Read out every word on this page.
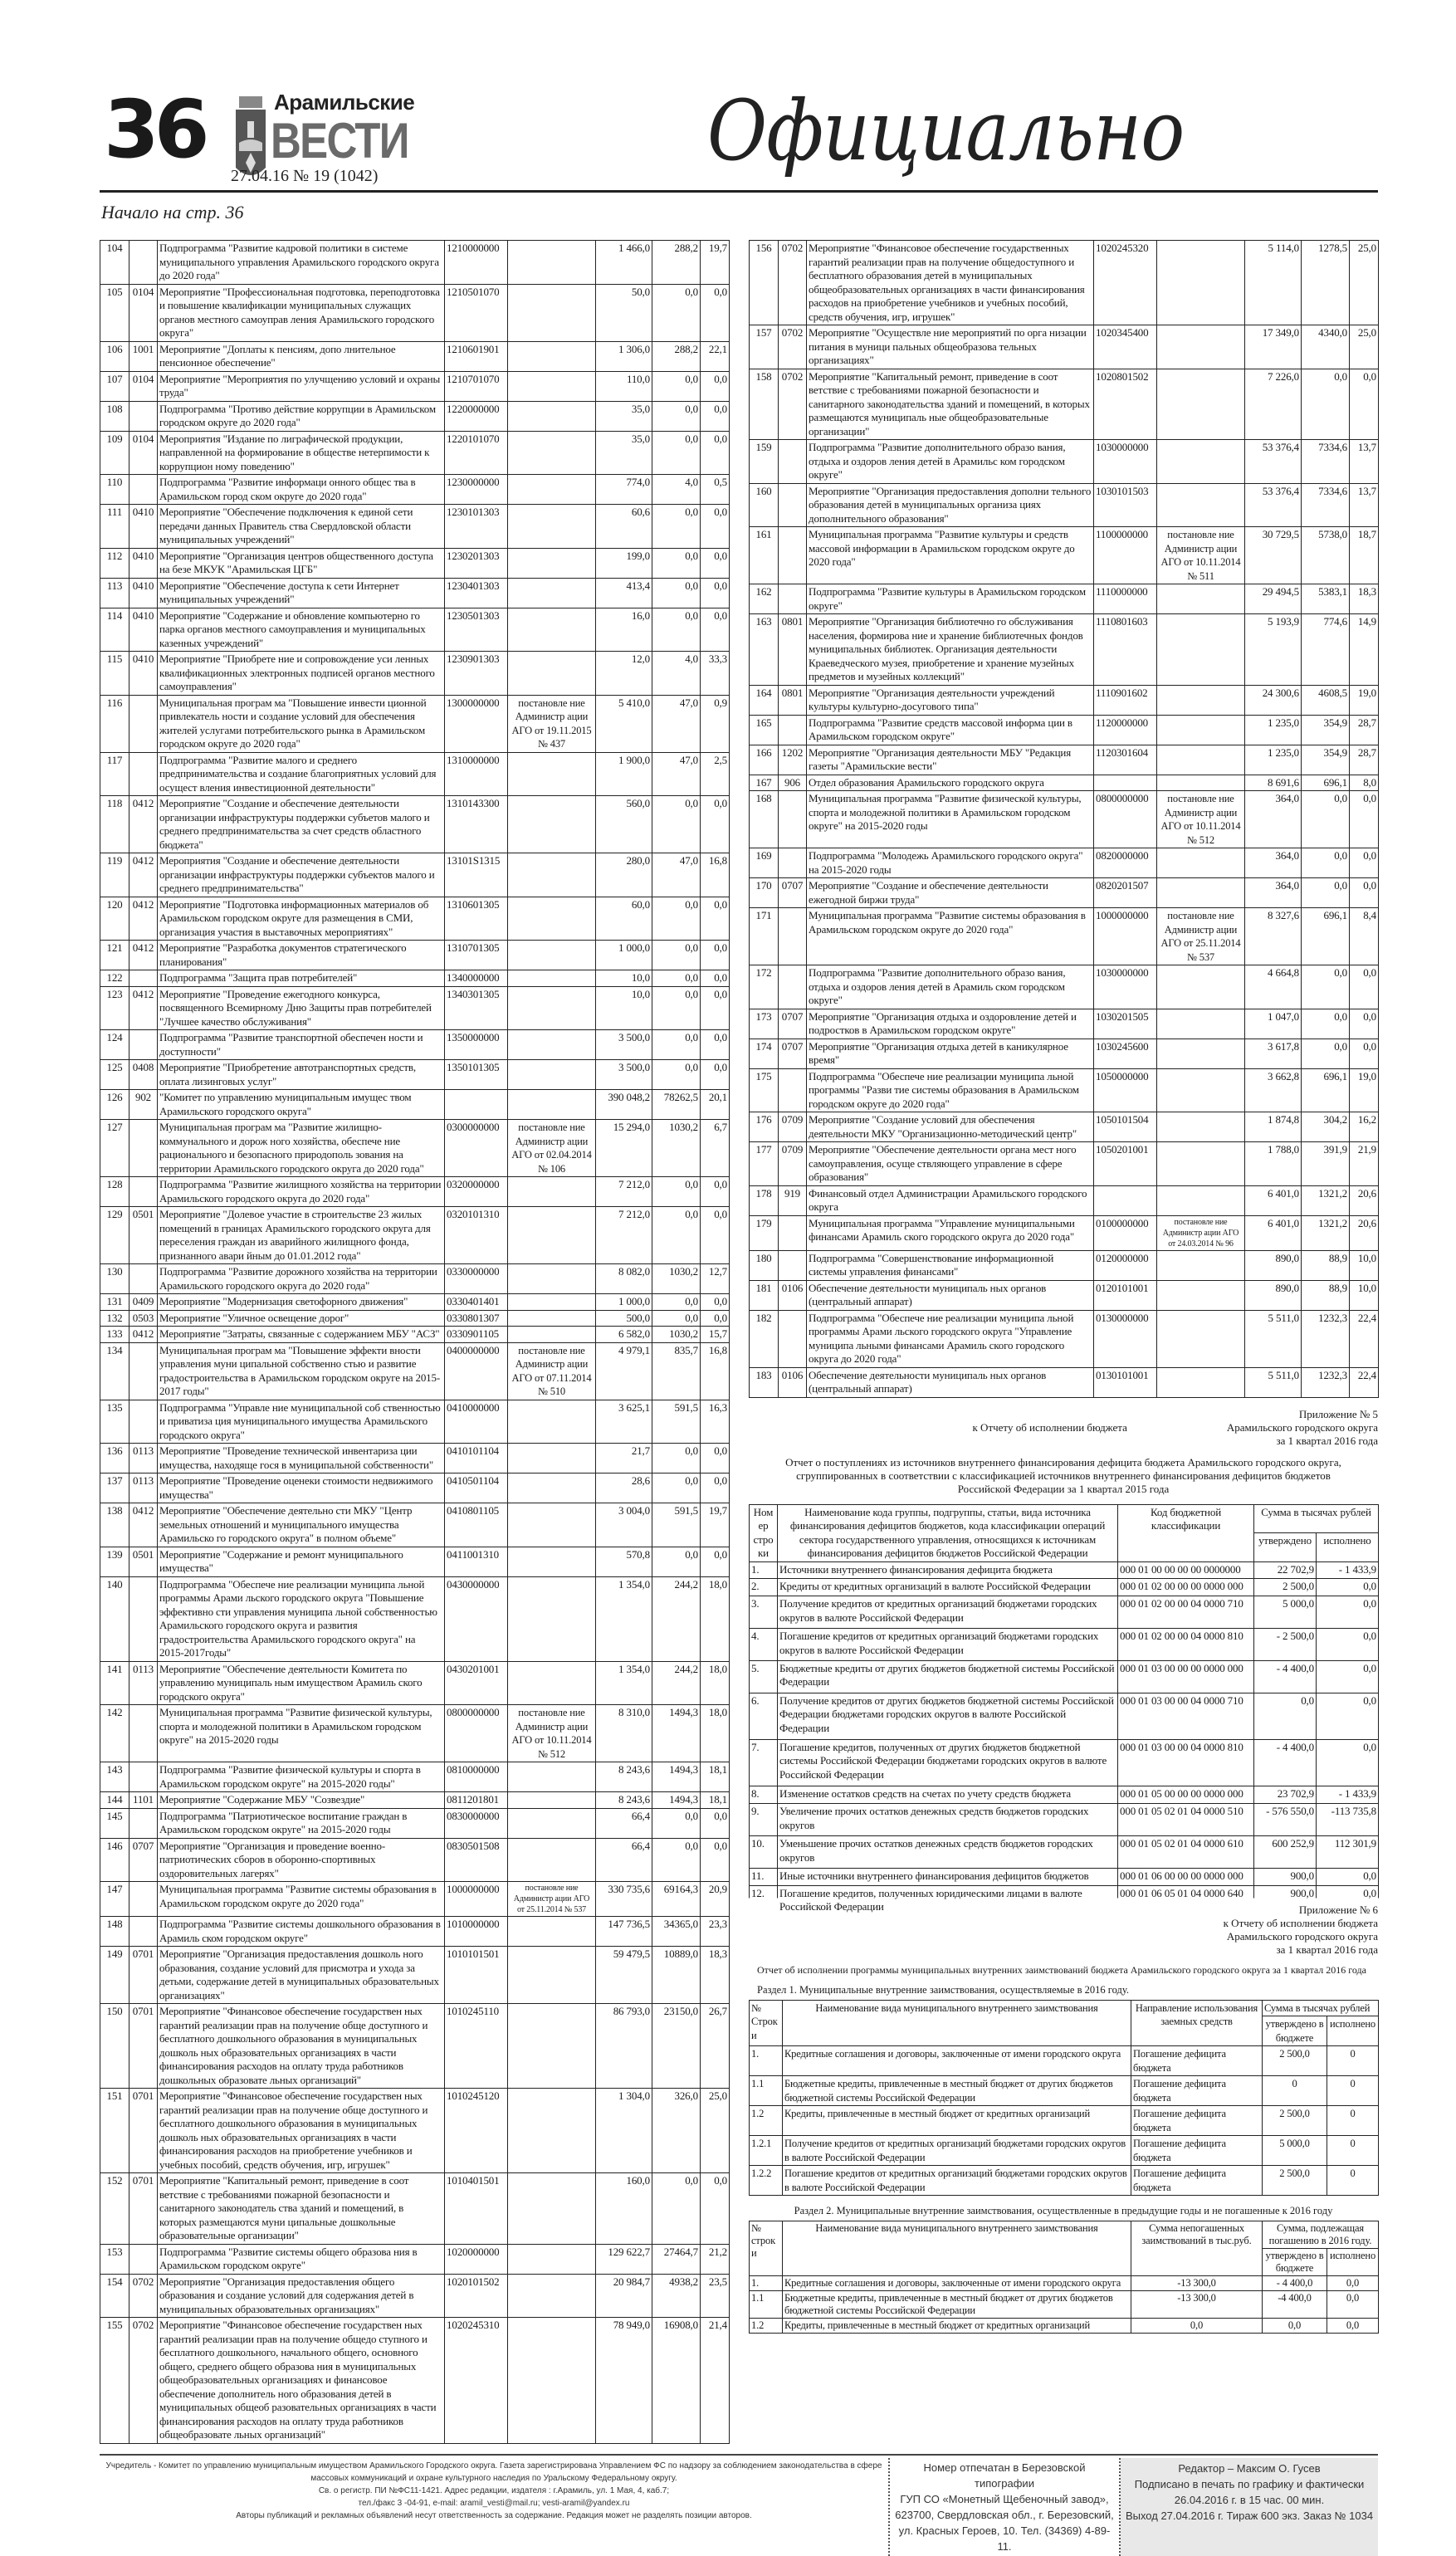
36	Арамильские
ВЕСТИ
27.04.16 № 19 (1042)	Официально
Начало на стр. 36
104		Подпрограмма "Развитие кадровой политики в системе муниципального управления Арамильского городского округа до 2020 года"	1210000000		1 466,0	288,2	19,7
105	0104	Мероприятие "Профессиональная подготовка, переподготовка и повышение квалификации муниципальных служащих органов местного самоуправ ления Арамильского городского округа"	1210501070		50,0	0,0	0,0
106	1001	Мероприятие "Доплаты к пенсиям, допо лнительное пенсионное обеспечение"	1210601901		1 306,0	288,2	22,1
107	0104	Мероприятие "Мероприятия по улучщению условий и охраны труда"	1210701070		110,0	0,0	0,0
108		Подпрограмма "Противо действие коррупции в Арамильском городском округе до 2020 года"	1220000000		35,0	0,0	0,0
109	0104	Мероприятия "Издание по лиграфической продукции, направленной на формирование в обществе нетерпимости к коррупцион ному поведению"	1220101070		35,0	0,0	0,0
110		Подпрограмма "Развитие информаци онного общес тва в Арамильском город ском округе до 2020 года"	1230000000		774,0	4,0	0,5
111	0410	Мероприятие "Обеспечение подключения к единой сети передачи данных Правитель ства Свердловской области муниципальных учреждений"	1230101303		60,6	0,0	0,0
112	0410	Мероприятие "Организация центров общественного доступа на безе МКУК "Арамильская ЦГБ"	1230201303		199,0	0,0	0,0
113	0410	Мероприятие "Обеспечение доступа к сети Интернет муниципальных учреждений"	1230401303		413,4	0,0	0,0
114	0410	Мероприятие "Содержание и обновление компьютерно го парка органов местного самоуправления и муниципальных казенных учреждений"	1230501303		16,0	0,0	0,0
115	0410	Мероприятие "Приобрете ние и сопровождение уси ленных квалификационных электронных подписей органов местного самоуправления"	1230901303		12,0	4,0	33,3
116		Муниципальная програм ма "Повышение инвести ционной привлекатель ности и создание условий для обеспечения жителей услугами потребительского рынка в Арамильском городском округе до 2020 года"	1300000000	постановле ние Администр ации АГО от 19.11.2015 № 437	5 410,0	47,0	0,9
117		Подпрограмма "Развитие малого и среднего предпринимательства и создание благоприятных условий для осущест вления инвестиционной деятельности"	1310000000		1 900,0	47,0	2,5
118	0412	Мероприятие "Создание и обеспечение деятельности организации инфраструктуры поддержки субъетов малого и среднего предпринимательства за счет средств областного бюджета"	1310143300		560,0	0,0	0,0
119	0412	Мероприятия "Создание и обеспечение деятельности организации инфраструктуры поддержки субъектов малого и среднего предпринимательства"	13101S1315		280,0	47,0	16,8
120	0412	Мероприятие "Подготовка информационных материалов об Арамильском городском округе для размещения в СМИ, организация участия в выставочных мероприятиях"	1310601305		60,0	0,0	0,0
121	0412	Мероприятие "Разработка документов стратегического планирования"	1310701305		1 000,0	0,0	0,0
122		Подпрограмма "Защита прав потребителей"	1340000000		10,0	0,0	0,0
123	0412	Мероприятие "Проведение ежегодного конкурса, посвященного Всемирному Дню Защиты прав потребителей "Лучшее качество обслуживания"	1340301305		10,0	0,0	0,0
124		Подпрограмма "Развитие транспортной обеспечен ности и доступности"	1350000000		3 500,0	0,0	0,0
125	0408	Мероприятие "Приобретение автотранспортных средств, оплата лизинговых услуг"	1350101305		3 500,0	0,0	0,0
126	902	"Комитет по управлению муниципальным имущес твом Арамильского городского округа"			390 048,2	78262,5	20,1
127		Муниципальная програм ма "Развитие жилищно-коммунального и дорож ного хозяйства, обеспече ние рационального и безопасного природополь зования на территории Арамильского городского округа до 2020 года"	0300000000	постановле ние Администр ации АГО от 02.04.2014 № 106	15 294,0	1030,2	6,7
128		Подпрограмма "Развитие жилищного хозяйства на территории Арамильского городского округа до 2020 года"	0320000000		7 212,0	0,0	0,0
129	0501	Мероприятие "Долевое участие в строительстве 23 жилых помещений в границах Арамильского городского округа для переселения граждан из аварийного жилищного фонда, признанного авари йным до 01.01.2012 года"	0320101310		7 212,0	0,0	0,0
130		Подпрограмма "Развитие дорожного хозяйства на территории Арамильского городского округа до 2020 года"	0330000000		8 082,0	1030,2	12,7
131	0409	Мероприятие "Модернизация светофорного движения"	0330401401		1 000,0	0,0	0,0
132	0503	Мероприятие "Уличное освещение дорог"	0330801307		500,0	0,0	0,0
133	0412	Мероприятие "Затраты, связанные с содержанием МБУ "АСЗ"	0330901105		6 582,0	1030,2	15,7
134		Муниципальная програм ма "Повышение эффекти вности управления муни ципальной собственно стью и развитие градостроительства в Арамильском городском округе на 2015-2017 годы"	0400000000	постановле ние Администр ации АГО от 07.11.2014 № 510	4 979,1	835,7	16,8
135		Подпрограмма "Управле ние муниципальной соб ственностью и приватиза ция муниципального имущества Арамильского городского округа"	0410000000		3 625,1	591,5	16,3
136	0113	Мероприятие "Проведение технической инвентариза ции имущества, находяще гося в муниципальной собственности"	0410101104		21,7	0,0	0,0
137	0113	Мероприятие "Проведение оценеки стоимости недвижимого имущества"	0410501104		28,6	0,0	0,0
138	0412	Мероприятие "Обеспечение деятельно сти МКУ "Центр земельных отношений и муниципального имущества Арамильско го городского округа" в полном объеме"	0410801105		3 004,0	591,5	19,7
139	0501	Мероприятие "Содержание и ремонт муниципального имущества"	0411001310		570,8	0,0	0,0
140		Подпрограмма "Обеспече ние реализации муниципа льной программы Арами льского городского округа "Повышение эффективно сти управления муниципа льной собственностью Арамильского городского округа и развития градостроительства Арамильского городского округа" на 2015-2017годы"	0430000000		1 354,0	244,2	18,0
141	0113	Мероприятие "Обеспечение деятельности Комитета по управлению муниципаль ным имуществом Арамиль ского городского округа"	0430201001		1 354,0	244,2	18,0
142		Муниципальная программа "Развитие физической культуры, спорта и молодежной политики в Арамильском городском округе" на 2015-2020 годы	0800000000	постановле ние Администр ации АГО от 10.11.2014 № 512	8 310,0	1494,3	18,0
143		Подпрограмма "Развитие физической культуры и спорта в Арамильском городском округе" на 2015-2020 годы"	0810000000		8 243,6	1494,3	18,1
144	1101	Мероприятие "Содержание МБУ "Созвездие"	0811201801		8 243,6	1494,3	18,1
145		Подпрограмма "Патриотическое воспитание граждан в Арамильском городском округе" на 2015-2020 годы	0830000000		66,4	0,0	0,0
146	0707	Мероприятие "Организация и проведение военно-патриотических сборов в оборонно-спортивных оздоровительных лагерях"	0830501508		66,4	0,0	0,0
147		Муниципальная программа "Развитие системы образования в Арамильском городском округе до 2020 года"	1000000000	постановле ние Администр ации АГО от 25.11.2014 № 537	330 735,6	69164,3	20,9
148		Подпрограмма "Развитие системы дошкольного образования в Арамиль ском городском округе"	1010000000		147 736,5	34365,0	23,3
149	0701	Мероприятие "Организация предоставления дошколь ного образования, создание условий для присмотра и ухода за детьми, содержание детей в муниципальных образовательных организациях"	1010101501		59 479,5	10889,0	18,3
150	0701	Мероприятие "Финансовое обеспечение государствен ных гарантий реализации прав на получение обще доступного и бесплатного дошкольного образования в муниципальных дошколь ных образовательных организациях в части финансирования расходов на оплату труда работников дошкольных образовате льных организаций"	1010245110		86 793,0	23150,0	26,7
151	0701	Мероприятие "Финансовое обеспечение государствен ных гарантий реализации прав на получение обще доступного и бесплатного дошкольного образования в муниципальных дошколь ных образовательных организациях в части финансирования расходов на приобретение учебников и учебных пособий, средств обучения, игр, игрушек"	1010245120		1 304,0	326,0	25,0
152	0701	Мероприятие "Капитальный ремонт, приведение в соот ветствие с требованиями пожарной безопасности и санитарного законодатель ства зданий и помещений, в которых размещаются муни ципальные дошкольные образовательные организации"	1010401501		160,0	0,0	0,0
153		Подпрограмма "Развитие системы общего образова ния в Арамильском городском округе"	1020000000		129 622,7	27464,7	21,2
154	0702	Мероприятие "Организация предоставления общего образования и создание условий для содержания детей в муниципальных образовательных организациях"	1020101502		20 984,7	4938,2	23,5
155	0702	Мероприятие "Финансовое обеспечение государствен ных гарантий реализации прав на получение общедо ступного и бесплатного дошкольного, начального общего, основного общего, среднего общего образова ния в муниципальных общеобразовательных организациях и финансовое обеспечение дополнитель ного образования детей в муниципальных общеоб разовательных организациях в части финансирования расходов на оплату труда работников общеобразовате льных организаций"	1020245310		78 949,0	16908,0	21,4
156	0702	Мероприятие "Финансовое обеспечение государственных гарантий реализации прав на получение общедоступного и бесплатного образования детей в муниципальных общеобразовательных организациях в части финансирования расходов на приобретение учебников и учебных пособий, средств обучения, игр, игрушек"	1020245320		5 114,0	1278,5	25,0
157	0702	Мероприятие "Осуществле ние мероприятий по орга низации питания в муници пальных общеобразова тельных организациях"	1020345400		17 349,0	4340,0	25,0
158	0702	Мероприятие "Капитальный ремонт, приведение в соот ветствие с требованиями пожарной безопасности и санитарного законодательства зданий и помещений, в которых размещаются муниципаль ные общеобразовательные организации"	1020801502		7 226,0	0,0	0,0
159		Подпрограмма "Развитие дополнительного образо вания, отдыха и оздоров ления детей в Арамильс ком городском округе"	1030000000		53 376,4	7334,6	13,7
160		Мероприятие "Организация предоставления дополни тельного образования детей в муниципальных организа циях дополнительного образования"	1030101503		53 376,4	7334,6	13,7
161		Муниципальная программа "Развитие культуры и средств массовой информации в Арамильском городском округе до 2020 года"	1100000000	постановле ние Администр ации АГО от 10.11.2014 № 511	30 729,5	5738,0	18,7
162		Подпрограмма "Развитие культуры в Арамильском городском округе"	1110000000		29 494,5	5383,1	18,3
163	0801	Мероприятие "Организация библиотечно го обслуживания населения, формирова ние и хранение библиотечных фондов муниципальных библиотек. Организация деятельности Краеведческого музея, приобретение и хранение музейных предметов и музейных коллекций"	1110801603		5 193,9	774,6	14,9
164	0801	Мероприятие "Организация деятельности учреждений культуры культурно-досугового типа"	1110901602		24 300,6	4608,5	19,0
165		Подпрограмма "Развитие средств массовой информа ции в Арамильском городском округе"	1120000000		1 235,0	354,9	28,7
166	1202	Мероприятие "Организация деятельности МБУ "Редакция газеты "Арамильские вести"	1120301604		1 235,0	354,9	28,7
167	906	Отдел образования Арамильского городского округа			8 691,6	696,1	8,0
168		Муниципальная программа "Развитие физической культуры, спорта и молодежной политики в Арамильском городском округе" на 2015-2020 годы	0800000000	постановле ние Администр ации АГО от 10.11.2014 № 512	364,0	0,0	0,0
169		Подпрограмма "Молодежь Арамильского городского округа" на 2015-2020 годы	0820000000		364,0	0,0	0,0
170	0707	Мероприятие "Создание и обеспечение деятельности ежегодной биржи труда"	0820201507		364,0	0,0	0,0
171		Муниципальная программа "Развитие системы образования в Арамильском городском округе до 2020 года"	1000000000	постановле ние Администр ации АГО от 25.11.2014 № 537	8 327,6	696,1	8,4
172		Подпрограмма "Развитие дополнительного образо вания, отдыха и оздоров ления детей в Арамиль ском городском округе"	1030000000		4 664,8	0,0	0,0
173	0707	Мероприятие "Организация отдыха и оздоровление детей и подростков в Арамильском городском округе"	1030201505		1 047,0	0,0	0,0
174	0707	Мероприятие "Организация отдыха детей в каникулярное время"	1030245600		3 617,8	0,0	0,0
175		Подпрограмма "Обеспече ние реализации муниципа льной программы "Разви тие системы образования в Арамильском городском округе до 2020 года"	1050000000		3 662,8	696,1	19,0
176	0709	Мероприятие "Создание условий для обеспечения деятельности МКУ "Организационно-методический центр"	1050101504		1 874,8	304,2	16,2
177	0709	Мероприятие "Обеспечение деятельности органа мест ного самоуправления, осуще ствляющего управление в сфере образования"	1050201001		1 788,0	391,9	21,9
178	919	Финансовый отдел Администрации Арамильского городского округа			6 401,0	1321,2	20,6
179		Муниципальная программа "Управление муниципальными финансами Арамиль ского городского округа до 2020 года"	0100000000	постановле ние Администр ации АГО от 24.03.2014 № 96	6 401,0	1321,2	20,6
180		Подпрограмма "Совершенствование информационной системы управления финансами"	0120000000		890,0	88,9	10,0
181	0106	Обеспечение деятельности муниципаль ных органов (центральный аппарат)	0120101001		890,0	88,9	10,0
182		Подпрограмма "Обеспече ние реализации муниципа льной программы Арами льского городского округа "Управление муниципа льными финансами Арамиль ского городского округа до 2020 года"	0130000000		5 511,0	1232,3	22,4
183	0106	Обеспечение деятельности муниципаль ных органов (центральный аппарат)	0130101001		5 511,0	1232,3	22,4
Приложение № 5
к Отчету об исполнении бюджета	Арамильского городского округа
за 1 квартал 2016 года
Отчет о поступлениях из источников внутреннего финансирования дефицита бюджета Арамильского городского округа, сгруппированных в соответствии с классификацией источников внутреннего финансирования дефицитов бюджетов
Российской Федерации за 1 квартал 2015 года
Номер строки	Наименование кода группы, подгруппы, статьи, вида источника финансирования дефицитов бюджетов, кода классификации операций сектора государственного управления, относящихся к источникам финансирования дефицитов бюджетов Российской Федерации	Код бюджетной классификации	Сумма в тысячах рублей	
			утверждено	исполнено
1.	Источники внутреннего финансирования дефицита бюджета	000 01 00 00 00 00 0000000	22 702,9	- 1 433,9
2.	Кредиты от кредитных организаций в валюте Российской Федерации	000 01 02 00 00 00 0000 000	2 500,0	0,0
3.	Получение кредитов от кредитных организаций бюджетами городских округов в валюте Российской Федерации	000 01 02 00 00 04 0000 710	5 000,0	0,0
4.	Погашение кредитов от кредитных организаций бюджетами городских округов в валюте Российской Федерации	000 01 02 00 00 04 0000 810	- 2 500,0	0,0
5.	Бюджетные кредиты от других бюджетов бюджетной системы Российской Федерации	000 01 03 00 00 00 0000 000	- 4 400,0	0,0
6.	Получение кредитов от других бюджетов бюджетной системы Российской Федерации бюджетами городских округов в валюте Российской Федерации	000 01 03 00 00 04 0000 710	0,0	0,0
7.	Погашение кредитов, полученных от других бюджетов бюджетной системы Российской Федерации бюджетами городских округов в валюте Российской Федерации	000 01 03 00 00 04 0000 810	- 4 400,0	0,0
8.	Изменение остатков средств на счетах по учету средств бюджета	000 01 05 00 00 00 0000 000	23 702,9	- 1 433,9
9.	Увеличение прочих остатков денежных средств бюджетов городских округов	000 01 05 02 01 04 0000 510	- 576 550,0	-113 735,8
10.	Уменьшение прочих остатков денежных средств бюджетов городских округов	000 01 05 02 01 04 0000 610	600 252,9	112 301,9
11.	Иные источники внутреннего финансирования дефицитов бюджетов	000 01 06 00 00 00 0000 000	900,0	0,0
12.	Погашение кредитов, полученных юридическими лицами в валюте Российской Федерации	000 01 06 05 01 04 0000 640	900,0	0,0
Приложение № 6
к Отчету об исполнении бюджета
Арамильского городского округа
за 1 квартал 2016 года
Отчет об исполнении программы муниципальных внутренних заимствований бюджета Арамильского городского округа за 1 квартал 2016 года
Раздел 1. Муниципальные внутренние заимствования, осуществляемые в 2016 году.
№ Строки	Наименование вида муниципального внутреннего заимствования	Направление использования заемных средств	Сумма в тысячах рублей	
			утверждено в бюджете	исполнено
1.	Кредитные соглашения и договоры, заключенные от имени городского округа	Погашение дефицита бюджета	2 500,0	0
1.1	Бюджетные кредиты, привлеченные в местный бюджет от других бюджетов бюджетной системы Российской Федерации	Погашение дефицита бюджета	0	0
1.2	Кредиты, привлеченные в местный бюджет от кредитных организаций	Погашение дефицита бюджета	2 500,0	0
1.2.1	Получение кредитов от кредитных организаций бюджетами городских округов в валюте Российской Федерации	Погашение дефицита бюджета	5 000,0	0
1.2.2	Погашение кредитов от кредитных организаций бюджетами городских округов в валюте Российской Федерации	Погашение дефицита бюджета	2 500,0	0
Раздел 2. Муниципальные внутренние заимствования, осуществленные в предыдущие годы и не погашенные к 2016 году
№ строки	Наименование вида муниципального внутреннего заимствования	Сумма непогашенных заимствований в тыс.руб.	Сумма, подлежащая погашению в 2016 году.	
			утверждено в бюджете	исполнено
1.	Кредитные соглашения и договоры, заключенные от имени городского округа	-13 300,0	- 4 400,0	0,0
1.1	Бюджетные кредиты, привлеченные в местный бюджет от других бюджетов бюджетной системы Российской Федерации	-13 300,0	-4 400,0	0,0
1.2	Кредиты, привлеченные в местный бюджет от кредитных организаций	0,0	0,0	0,0
Учредитель - Комитет по управлению муниципальным имуществом Арамильского Городского округа. Газета зарегистрирована Управлением ФС по надзору за соблюдением законодательства в сфере массовых коммуникаций и охране культурного наследия по Уральскому Федеральному округу.
Св. о регистр. ПИ №ФС11-1421. Адрес редакции, издателя : г.Арамиль, ул. 1 Мая, 4, каб.7;
тел./факс 3 -04-91, e-mail: aramil_vesti@mail.ru; vesti-aramil@yandex.ru
Авторы публикаций и рекламных объявлений несут ответственность за содержание. Редакция может не разделять позиции авторов.
Номер отпечатан в Березовской типографии
ГУП СО «Монетный Щебеночный завод»,
623700, Свердловская обл., г. Березовский,
ул. Красных Героев, 10. Тел. (34369) 4-89-11.
Редактор – Максим О. Гусев
Подписано в печать по графику и фактически
26.04.2016 г. в 15 час. 00 мин.
Выход 27.04.2016 г. Тираж 600 экз. Заказ № 1034
